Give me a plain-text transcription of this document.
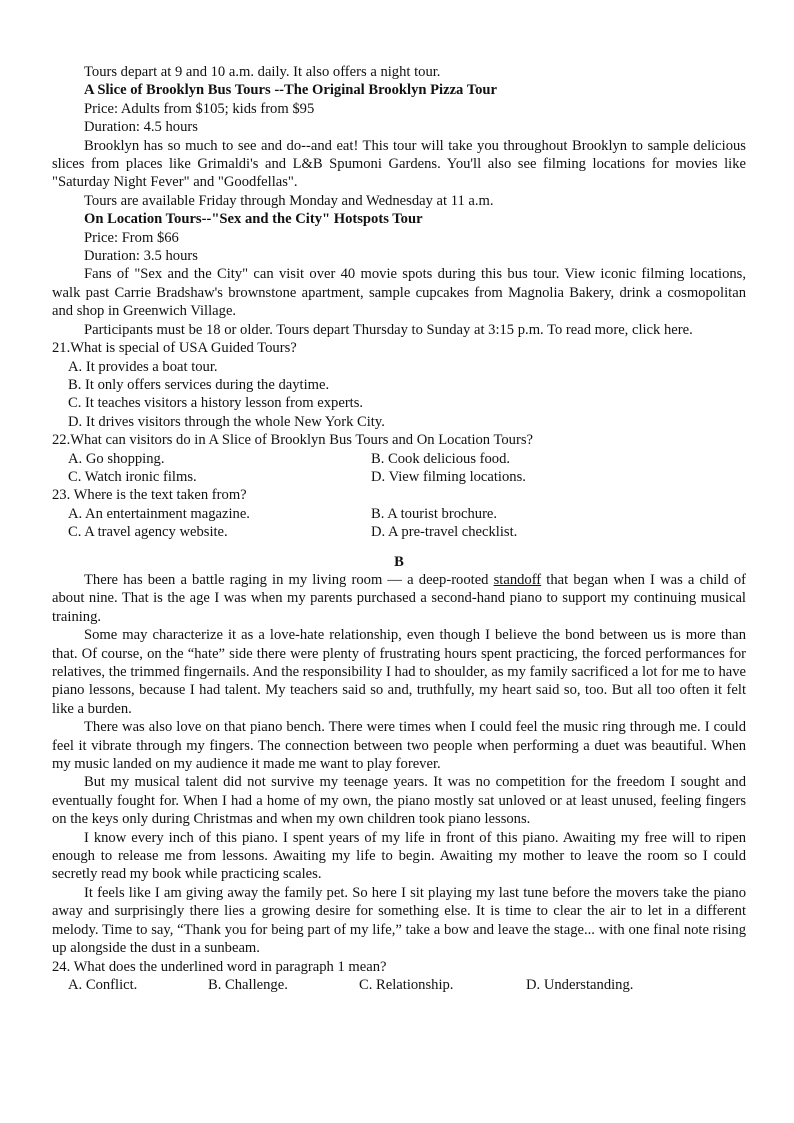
Tours depart at 9 and 10 a.m. daily. It also offers a night tour.

A Slice of Brooklyn Bus Tours --The Original Brooklyn Pizza Tour

Price: Adults from $105; kids from $95

Duration: 4.5 hours

Brooklyn has so much to see and do--and eat! This tour will take you throughout Brooklyn to sample delicious slices from places like Grimaldi's and L&B Spumoni Gardens. You'll also see filming locations for movies like "Saturday Night Fever" and "Goodfellas".

Tours are available Friday through Monday and Wednesday at 11 a.m.

On Location Tours--"Sex and the City" Hotspots Tour

Price: From $66

Duration: 3.5 hours

Fans of "Sex and the City" can visit over 40 movie spots during this bus tour. View iconic filming locations, walk past Carrie Bradshaw's brownstone apartment, sample cupcakes from Magnolia Bakery, drink a cosmopolitan and shop in Greenwich Village.

Participants must be 18 or older. Tours depart Thursday to Sunday at 3:15 p.m. To read more, click here.

21.What is special of USA Guided Tours?

A. It provides a boat tour.

B. It only offers services during the daytime.

C. It teaches visitors a history lesson from experts.

D. It drives visitors through the whole New York City.

22.What can visitors do in A Slice of Brooklyn Bus Tours and On Location Tours?

A. Go shopping.	B. Cook delicious food.
C. Watch ironic films.	D. View filming locations.

23. Where is the text taken from?

A. An entertainment magazine.	B. A tourist brochure.
C. A travel agency website.	D. A pre-travel checklist.

B

There has been a battle raging in my living room — a deep-rooted standoff that began when I was a child of about nine. That is the age I was when my parents purchased a second-hand piano to support my continuing musical training.

Some may characterize it as a love-hate relationship, even though I believe the bond between us is more than that. Of course, on the “hate” side there were plenty of frustrating hours spent practicing, the forced performances for relatives, the trimmed fingernails. And the responsibility I had to shoulder, as my family sacrificed a lot for me to have piano lessons, because I had talent. My teachers said so and, truthfully, my heart said so, too. But all too often it felt like a burden.

There was also love on that piano bench. There were times when I could feel the music ring through me. I could feel it vibrate through my fingers. The connection between two people when performing a duet was beautiful. When my music landed on my audience it made me want to play forever.

But my musical talent did not survive my teenage years. It was no competition for the freedom I sought and eventually fought for. When I had a home of my own, the piano mostly sat unloved or at least unused, feeling fingers on the keys only during Christmas and when my own children took piano lessons.

I know every inch of this piano. I spent years of my life in front of this piano. Awaiting my free will to ripen enough to release me from lessons. Awaiting my life to begin. Awaiting my mother to leave the room so I could secretly read my book while practicing scales.

It feels like I am giving away the family pet. So here I sit playing my last tune before the movers take the piano away and surprisingly there lies a growing desire for something else. It is time to clear the air to let in a different melody. Time to say, “Thank you for being part of my life,” take a bow and leave the stage... with one final note rising up alongside the dust in a sunbeam.

24. What does the underlined word in paragraph 1 mean?

A. Conflict.	B. Challenge.	C. Relationship.	D. Understanding.
